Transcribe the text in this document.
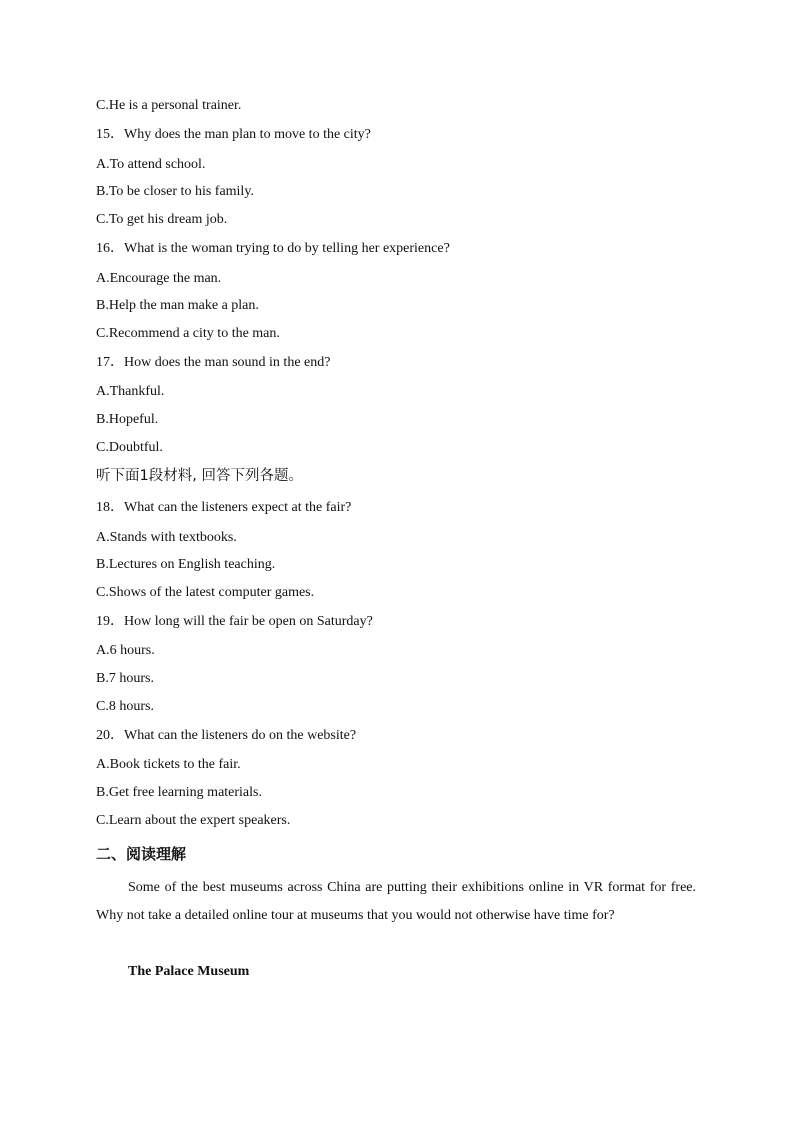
C.He is a personal trainer.
15．Why does the man plan to move to the city?
A.To attend school.
B.To be closer to his family.
C.To get his dream job.
16．What is the woman trying to do by telling her experience?
A.Encourage the man.
B.Help the man make a plan.
C.Recommend a city to the man.
17．How does the man sound in the end?
A.Thankful.
B.Hopeful.
C.Doubtful.
听下面1段材料, 回答下列各题。
18．What can the listeners expect at the fair?
A.Stands with textbooks.
B.Lectures on English teaching.
C.Shows of the latest computer games.
19．How long will the fair be open on Saturday?
A.6 hours.
B.7 hours.
C.8 hours.
20．What can the listeners do on the website?
A.Book tickets to the fair.
B.Get free learning materials.
C.Learn about the expert speakers.
二、阅读理解
Some of the best museums across China are putting their exhibitions online in VR format for free. Why not take a detailed online tour at museums that you would not otherwise have time for?
The Palace Museum
